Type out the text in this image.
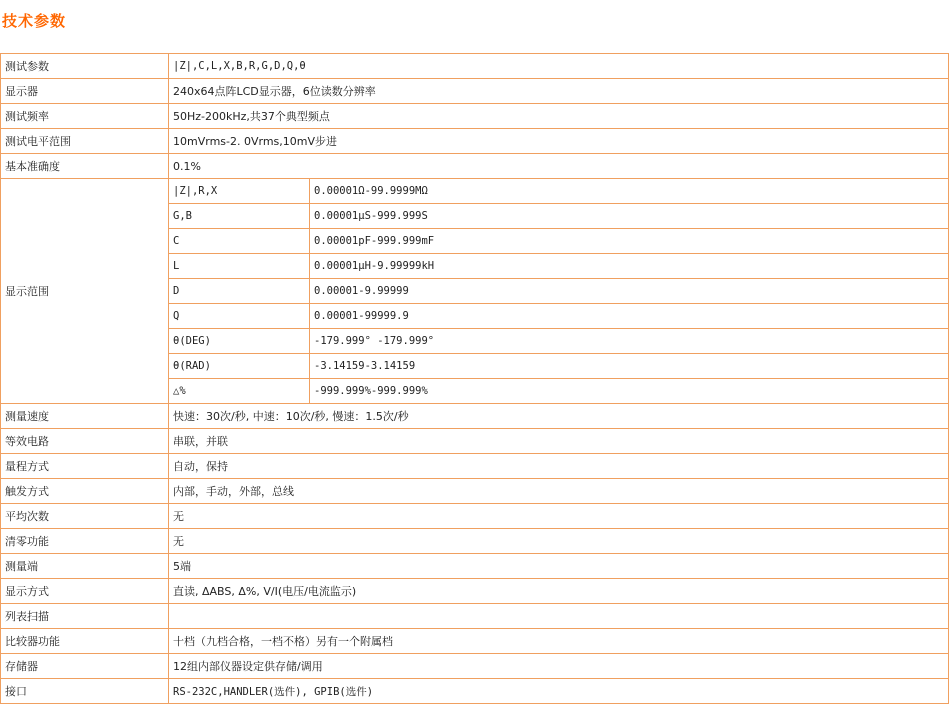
技术参数
测试参数	|Z|,C,L,X,B,R,G,D,Q,θ	
显示器	240x64点阵LCD显示器，6位读数分辨率	
测试频率	50Hz-200kHz,共37个典型频点	
测试电平范围	10mVrms-2. 0Vrms,10mV步进	
基本准确度	0.1%	
显示范围	|Z|,R,X	0.00001Ω-99.9999MΩ
	G,B	0.00001μS-999.999S
	C	0.00001pF-999.999mF
	L	0.00001μH-9.99999kH
	D	0.00001-9.99999
	Q	0.00001-99999.9
	θ(DEG)	-179.999° -179.999°
	θ(RAD)	-3.14159-3.14159
	△%	-999.999%-999.999%
测量速度	快速：30次/秒, 中速：10次/秒, 慢速：1.5次/秒	
等效电路	串联，并联	
量程方式	自动，保持	
触发方式	内部，手动，外部，总线	
平均次数	无	
清零功能	无	
测量端	5端	
显示方式	直读, ΔABS, Δ%, V/I(电压/电流监示)	
列表扫描		
比较器功能	十档（九档合格，一档不格）另有一个附属档	
存储器	12组内部仪器设定供存储/调用	
接口	RS-232C,HANDLER(选件), GPIB(选件)	
